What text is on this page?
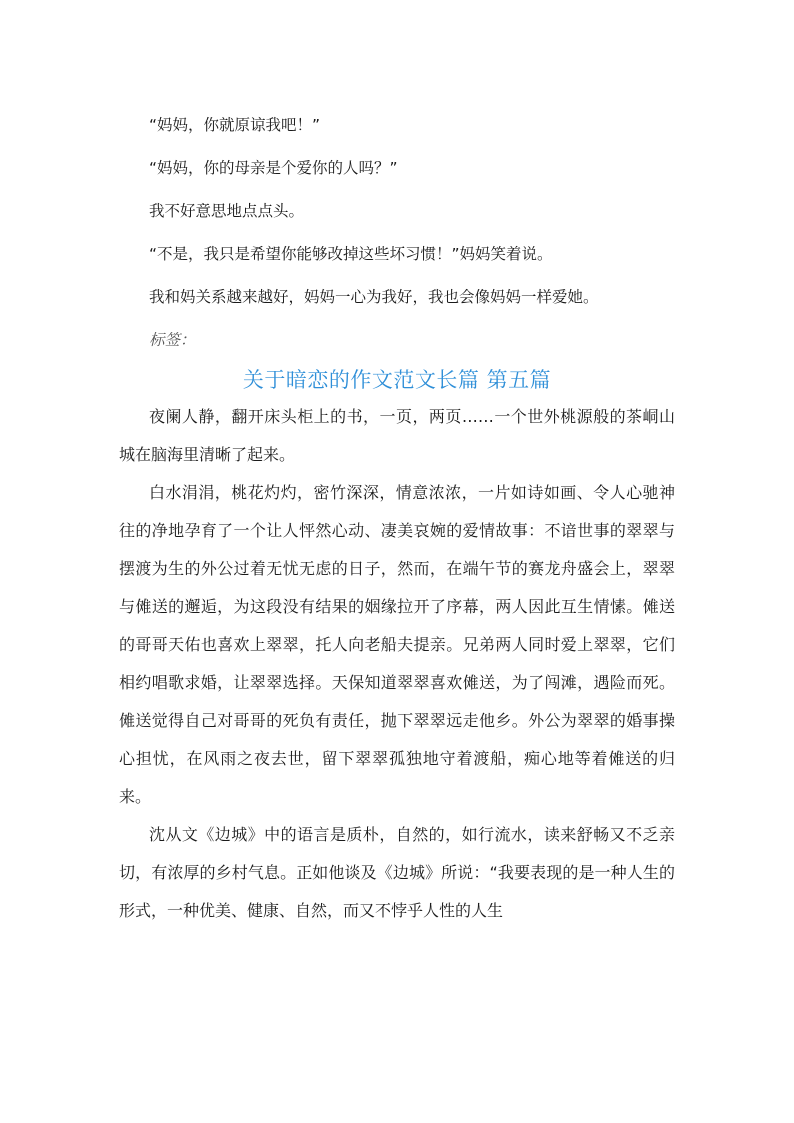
“妈妈，你就原谅我吧！”

“妈妈，你的母亲是个爱你的人吗？”

我不好意思地点点头。

“不是，我只是希望你能够改掉这些坏习惯！”妈妈笑着说。

我和妈关系越来越好，妈妈一心为我好，我也会像妈妈一样爱她。

标签：

关于暗恋的作文范文长篇 第五篇

夜阑人静，翻开床头柜上的书，一页，两页……一个世外桃源般的茶峒山城在脑海里清晰了起来。

白水涓涓，桃花灼灼，密竹深深，情意浓浓，一片如诗如画、令人心驰神往的净地孕育了一个让人怦然心动、凄美哀婉的爱情故事：不谙世事的翠翠与摆渡为生的外公过着无忧无虑的日子，然而，在端午节的赛龙舟盛会上，翠翠与傩送的邂逅，为这段没有结果的姻缘拉开了序幕，两人因此互生情愫。傩送的哥哥天佑也喜欢上翠翠，托人向老船夫提亲。兄弟两人同时爱上翠翠，它们相约唱歌求婚，让翠翠选择。天保知道翠翠喜欢傩送，为了闯滩，遇险而死。傩送觉得自己对哥哥的死负有责任，抛下翠翠远走他乡。外公为翠翠的婚事操心担忧，在风雨之夜去世，留下翠翠孤独地守着渡船，痴心地等着傩送的归来。

沈从文《边城》中的语言是质朴，自然的，如行流水，读来舒畅又不乏亲切，有浓厚的乡村气息。正如他谈及《边城》所说：“我要表现的是一种人生的形式，一种优美、健康、自然，而又不悖乎人性的人生
